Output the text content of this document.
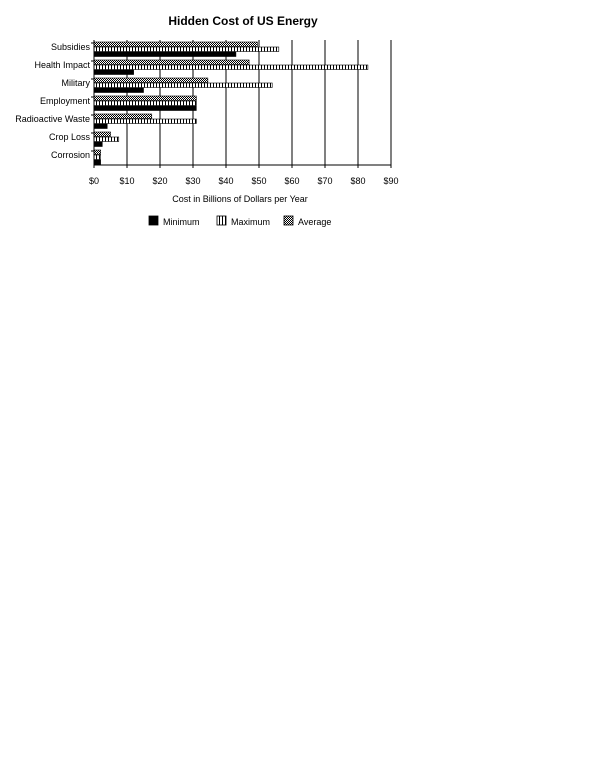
Hidden Cost of US Energy
Subsidies
Health Impact
Military
Employment
Radioactive Waste
Crop Loss
Corrosion
$0 $10 $20 $30 $40 $50 $60 $70 $80 $90
Cost in Billions of Dollars per Year
Minimum	Maximum	Average
